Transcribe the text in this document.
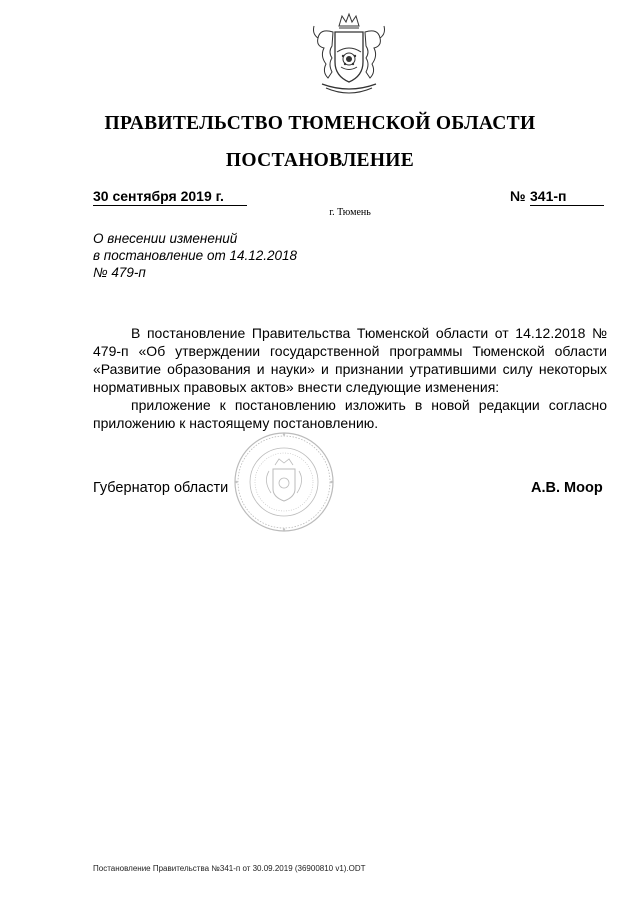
ПРАВИТЕЛЬСТВО ТЮМЕНСКОЙ ОБЛАСТИ
ПОСТАНОВЛЕНИЕ
30 сентября 2019 г.	№ 341-п
г. Тюмень
О внесении изменений
в постановление от 14.12.2018
№ 479-п
В постановление Правительства Тюменской области от 14.12.2018 № 479-п «Об утверждении государственной программы Тюменской области «Развитие образования и науки» и признании утратившими силу некоторых нормативных правовых актов» внести следующие изменения:
приложение к постановлению изложить в новой редакции согласно приложению к настоящему постановлению.
Губернатор области	А.В. Моор
Постановление Правительства №341-п от 30.09.2019 (36900810 v1).ODT
